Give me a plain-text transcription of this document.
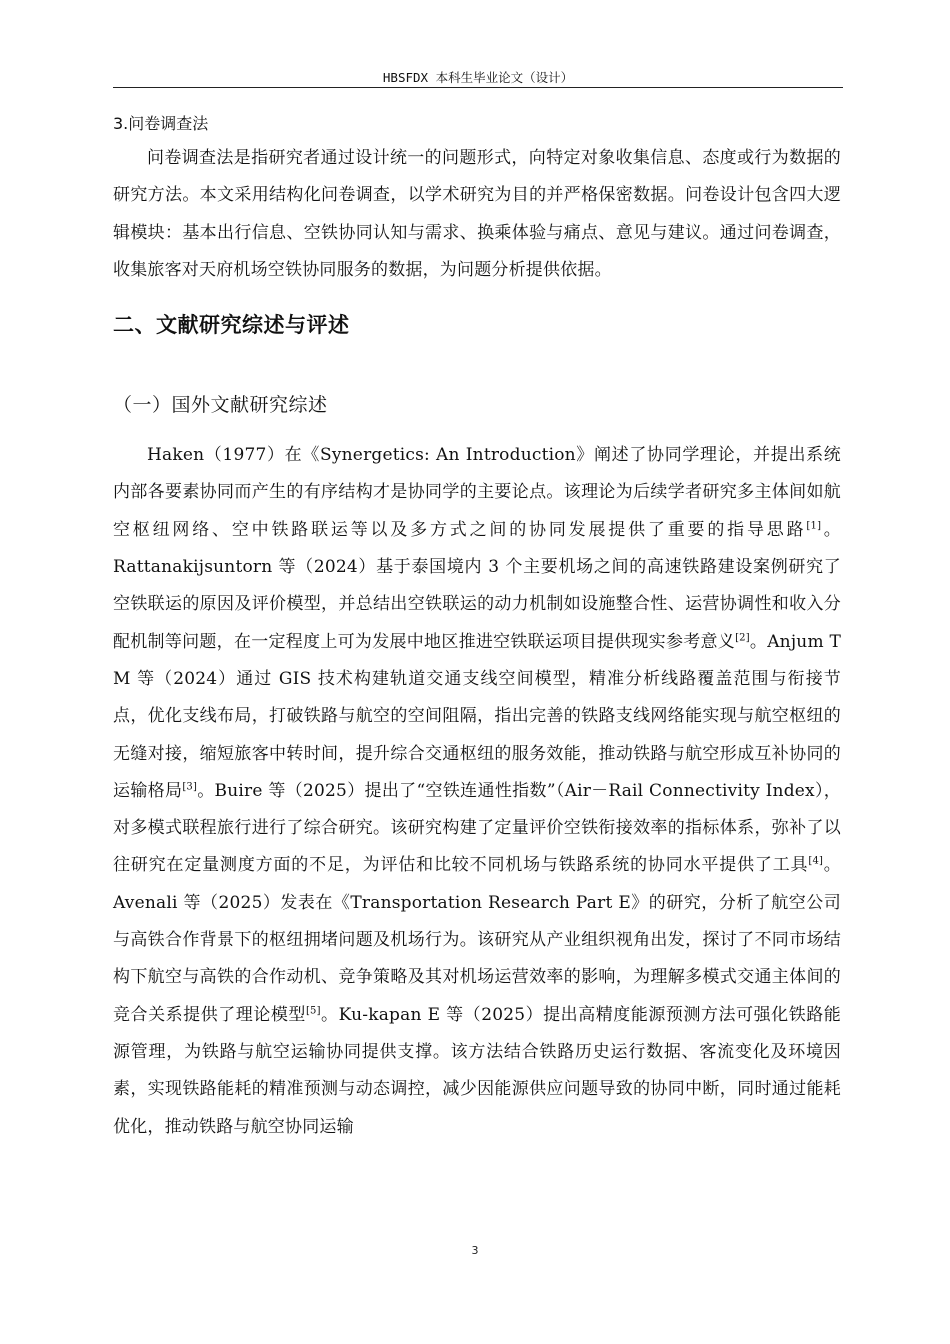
HBSFDX 本科生毕业论文（设计）
3.问卷调查法

问卷调查法是指研究者通过设计统一的问题形式，向特定对象收集信息、态度或行为数据的研究方法。本文采用结构化问卷调查，以学术研究为目的并严格保密数据。问卷设计包含四大逻辑模块：基本出行信息、空铁协同认知与需求、换乘体验与痛点、意见与建议。通过问卷调查，收集旅客对天府机场空铁协同服务的数据，为问题分析提供依据。

二、文献研究综述与评述
（一）国外文献研究综述

Haken（1977）在《Synergetics: An Introduction》阐述了协同学理论，并提出系统内部各要素协同而产生的有序结构才是协同学的主要论点。该理论为后续学者研究多主体间如航空枢纽网络、空中铁路联运等以及多方式之间的协同发展提供了重要的指导思路[1]。Rattanakijsuntorn 等（2024）基于泰国境内 3 个主要机场之间的高速铁路建设案例研究了空铁联运的原因及评价模型，并总结出空铁联运的动力机制如设施整合性、运营协调性和收入分配机制等问题，在一定程度上可为发展中地区推进空铁联运项目提供现实参考意义[2]。Anjum T M 等（2024）通过 GIS 技术构建轨道交通支线空间模型，精准分析线路覆盖范围与衔接节点，优化支线布局，打破铁路与航空的空间阻隔，指出完善的铁路支线网络能实现与航空枢纽的无缝对接，缩短旅客中转时间，提升综合交通枢纽的服务效能，推动铁路与航空形成互补协同的运输格局[3]。Buire 等（2025）提出了“空铁连通性指数”（Air－Rail Connectivity Index），对多模式联程旅行进行了综合研究。该研究构建了定量评价空铁衔接效率的指标体系，弥补了以往研究在定量测度方面的不足，为评估和比较不同机场与铁路系统的协同水平提供了工具[4]。Avenali 等（2025）发表在《Transportation Research Part E》的研究，分析了航空公司与高铁合作背景下的枢纽拥堵问题及机场行为。该研究从产业组织视角出发，探讨了不同市场结构下航空与高铁的合作动机、竞争策略及其对机场运营效率的影响，为理解多模式交通主体间的竞合关系提供了理论模型[5]。Ku-kapan E 等（2025）提出高精度能源预测方法可强化铁路能源管理，为铁路与航空运输协同提供支撑。该方法结合铁路历史运行数据、客流变化及环境因素，实现铁路能耗的精准预测与动态调控，减少因能源供应问题导致的协同中断，同时通过能耗优化，推动铁路与航空协同运输

3
